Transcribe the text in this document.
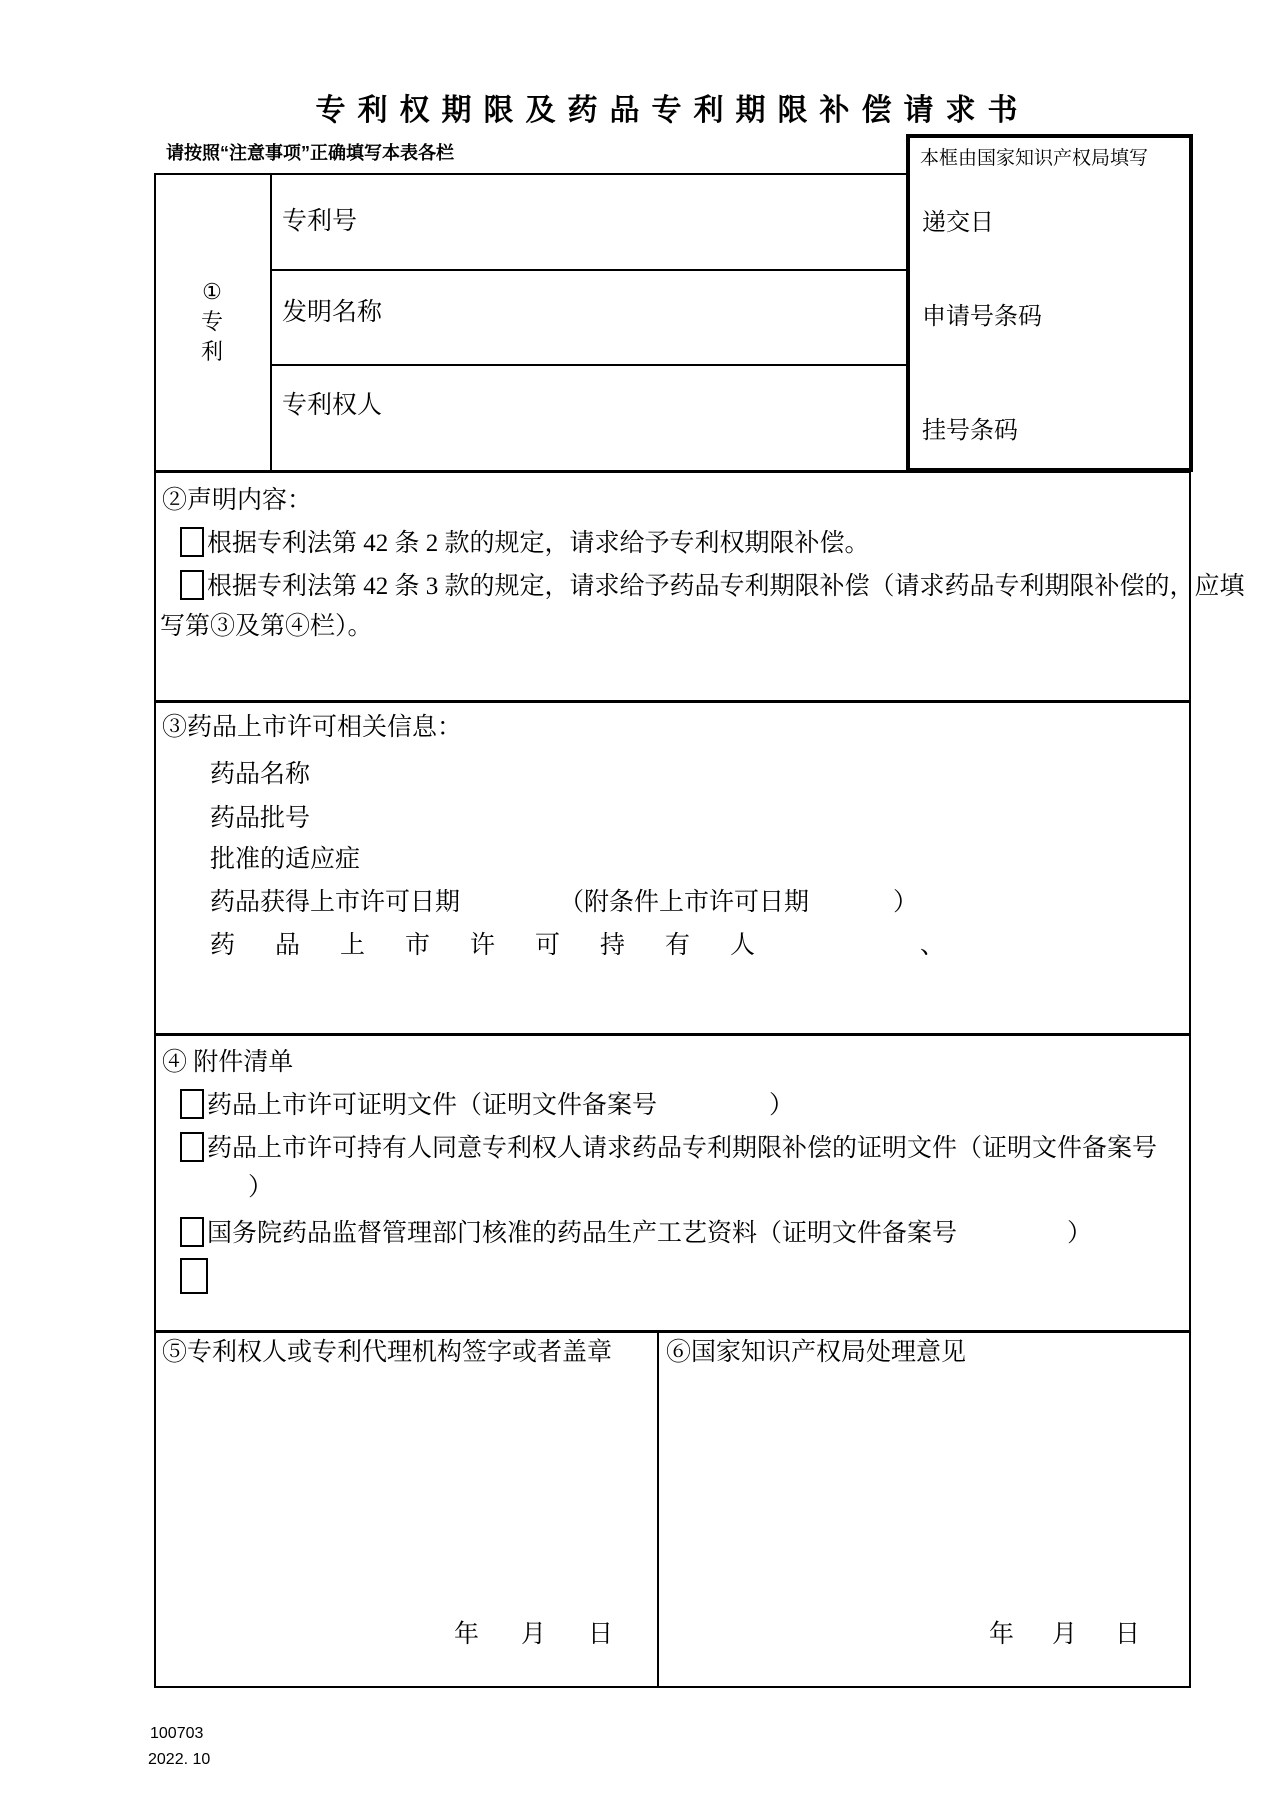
专利权期限及药品专利期限补偿请求书
请按照“注意事项”正确填写本表各栏	本框由国家知识产权局填写
递交日
申请号条码
挂号条码
①
专
利
专利号
发明名称
专利权人
②声明内容：
根据专利法第 42 条 2 款的规定，请求给予专利权期限补偿。
根据专利法第 42 条 3 款的规定，请求给予药品专利期限补偿（请求药品专利期限补偿的，应填
写第③及第④栏）。
③药品上市许可相关信息：
药品名称
药品批号
批准的适应症
药品获得上市许可日期	（附条件上市许可日期	）
药品上市许可持有人	、
④ 附件清单
药品上市许可证明文件（证明文件备案号	）
药品上市许可持有人同意专利权人请求药品专利期限补偿的证明文件（证明文件备案号
）
国务院药品监督管理部门核准的药品生产工艺资料（证明文件备案号	）
⑤专利权人或专利代理机构签字或者盖章
年 月 日
⑥国家知识产权局处理意见
年 月 日
100703
2022. 10
